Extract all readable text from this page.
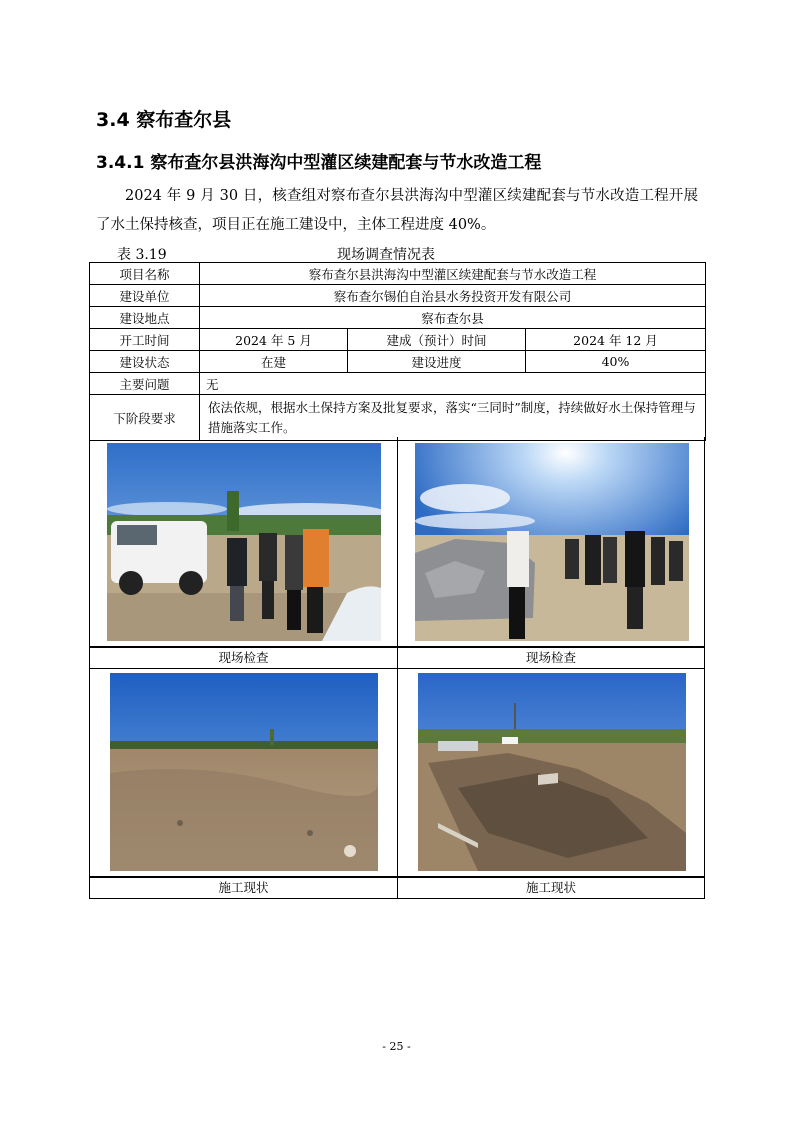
3.4 察布查尔县
3.4.1 察布查尔县洪海沟中型灌区续建配套与节水改造工程

2024 年 9 月 30 日，核查组对察布查尔县洪海沟中型灌区续建配套与节水改造工程开展了水土保持核查，项目正在施工建设中，主体工程进度 40%。

表 3.19	现场调查情况表
项目名称	察布查尔县洪海沟中型灌区续建配套与节水改造工程		
建设单位	察布查尔锡伯自治县水务投资开发有限公司		
建设地点	察布查尔县		
开工时间	2024 年 5 月	建成（预计）时间	2024 年 12 月
建设状态	在建	建设进度	40%
主要问题	无		
下阶段要求	依法依规，根据水土保持方案及批复要求，落实“三同时”制度，持续做好水土保持管理与措施落实工作。		
现场检查	现场检查
施工现状	施工现状
- 25 -
